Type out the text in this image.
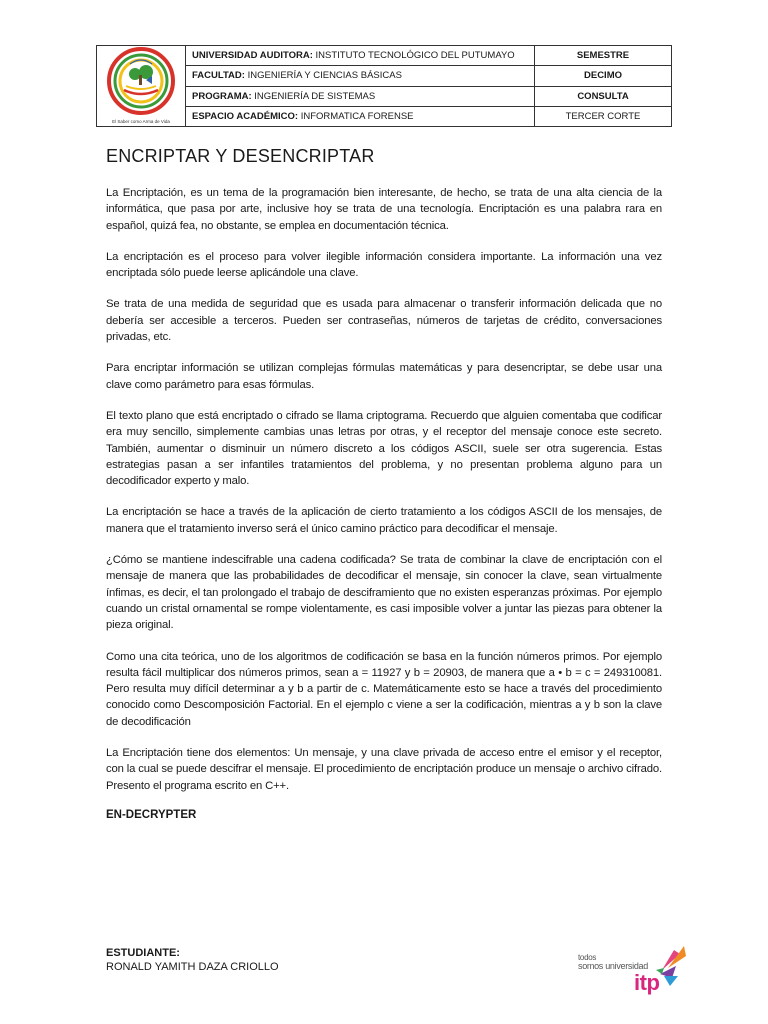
El Saber como Arma de Vida	UNIVERSIDAD AUDITORA: INSTITUTO TECNOLÓGICO DEL PUTUMAYO	SEMESTRE
	FACULTAD: INGENIERÍA Y CIENCIAS BÁSICAS	DECIMO
	PROGRAMA: INGENIERÍA DE SISTEMAS	CONSULTA
	ESPACIO ACADÉMICO: INFORMATICA FORENSE	TERCER CORTE
ENCRIPTAR Y DESENCRIPTAR

La Encriptación, es un tema de la programación bien interesante, de hecho, se trata de una alta ciencia de la informática, que pasa por arte, inclusive hoy se trata de una tecnología. Encriptación es una palabra rara en español, quizá fea, no obstante, se emplea en documentación técnica.

La encriptación es el proceso para volver ilegible información considera importante. La información una vez encriptada sólo puede leerse aplicándole una clave.

Se trata de una medida de seguridad que es usada para almacenar o transferir información delicada que no debería ser accesible a terceros. Pueden ser contraseñas, números de tarjetas de crédito, conversaciones privadas, etc.

Para encriptar información se utilizan complejas fórmulas matemáticas y para desencriptar, se debe usar una clave como parámetro para esas fórmulas.

El texto plano que está encriptado o cifrado se llama criptograma. Recuerdo que alguien comentaba que codificar era muy sencillo, simplemente cambias unas letras por otras, y el receptor del mensaje conoce este secreto. También, aumentar o disminuir un número discreto a los códigos ASCII, suele ser otra sugerencia. Estas estrategias pasan a ser infantiles tratamientos del problema, y no presentan problema alguno para un decodificador experto y malo.

La encriptación se hace a través de la aplicación de cierto tratamiento a los códigos ASCII de los mensajes, de manera que el tratamiento inverso será el único camino práctico para decodificar el mensaje.

¿Cómo se mantiene indescifrable una cadena codificada? Se trata de combinar la clave de encriptación con el mensaje de manera que las probabilidades de decodificar el mensaje, sin conocer la clave, sean virtualmente ínfimas, es decir, el tan prolongado el trabajo de desciframiento que no existen esperanzas próximas. Por ejemplo cuando un cristal ornamental se rompe violentamente, es casi imposible volver a juntar las piezas para obtener la pieza original.

Como una cita teórica, uno de los algoritmos de codificación se basa en la función números primos. Por ejemplo resulta fácil multiplicar dos números primos, sean a = 11927 y b = 20903, de manera que a • b = c = 249310081. Pero resulta muy difícil determinar a y b a partir de c. Matemáticamente esto se hace a través del procedimiento conocido como Descomposición Factorial. En el ejemplo c viene a ser la codificación, mientras a y b son la clave de decodificación

La Encriptación tiene dos elementos: Un mensaje, y una clave privada de acceso entre el emisor y el receptor, con la cual se puede descifrar el mensaje. El procedimiento de encriptación produce un mensaje o archivo cifrado. Presento el programa escrito en C++.

EN-DECRYPTER
ESTUDIANTE:
RONALD YAMITH DAZA CRIOLLO
todos
somos universidad
itp
